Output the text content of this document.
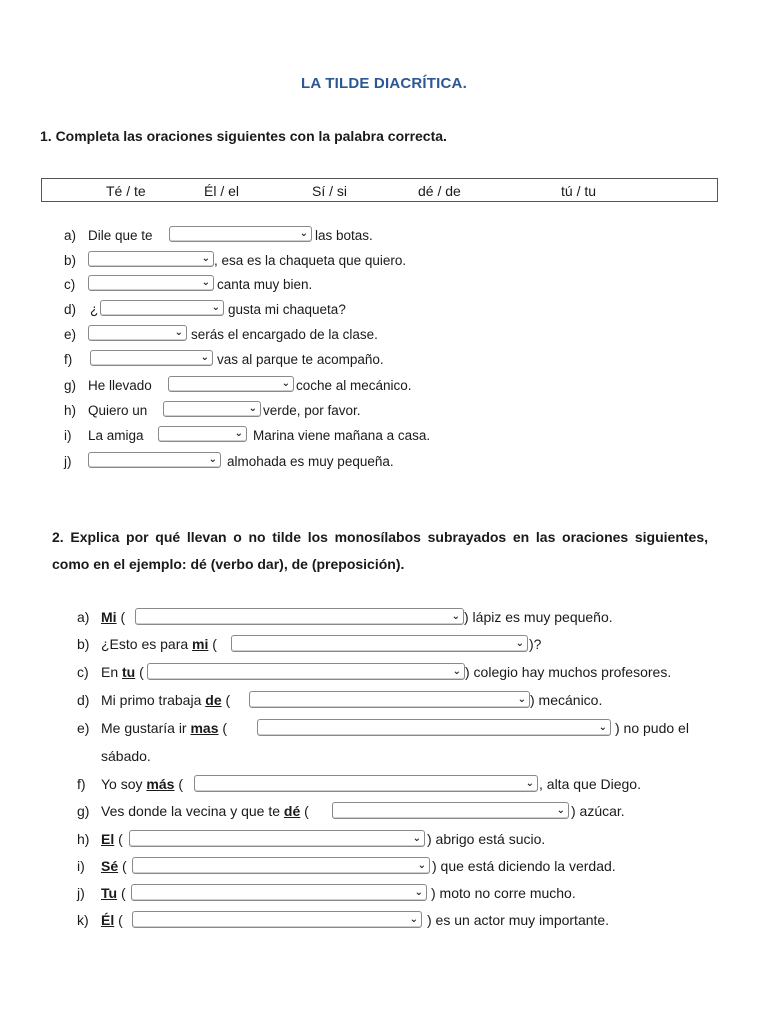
LA TILDE DIACRÍTICA.
1. Completa las oraciones siguientes con la palabra correcta.
Té / te	Él / el	Sí / si	dé / de	tú / tu
a) Dile que te	⌄ las botas.
b)	⌄ , esa es la chaqueta que quiero.
c)	⌄ canta muy bien.
d) ¿	⌄ gusta mi chaqueta?
e)	⌄ serás el encargado de la clase.
f)	⌄ vas al parque te acompaño.
g) He llevado	⌄ coche al mecánico.
h) Quiero un	⌄ verde, por favor.
i) La amiga	⌄ Marina viene mañana a casa.
j)	⌄ almohada es muy pequeña.
2. Explica por qué llevan o no tilde los monosílabos subrayados en las oraciones siguientes, como en el ejemplo: dé (verbo dar), de (preposición).
a) Mi (	⌄ ) lápiz es muy pequeño.
b) ¿Esto es para mi (	⌄ )?
c) En tu (	⌄ ) colegio hay muchos profesores.
d) Mi primo trabaja de (	⌄ ) mecánico.
e) Me gustaría ir mas (	⌄ ) no pudo el
sábado.
f) Yo soy más (	⌄ , alta que Diego.
g) Ves donde la vecina y que te dé (	⌄ ) azúcar.
h) El (	⌄ ) abrigo está sucio.
i) Sé (	⌄ ) que está diciendo la verdad.
j) Tu (	⌄ ) moto no corre mucho.
k) Él (	⌄ ) es un actor muy importante.
